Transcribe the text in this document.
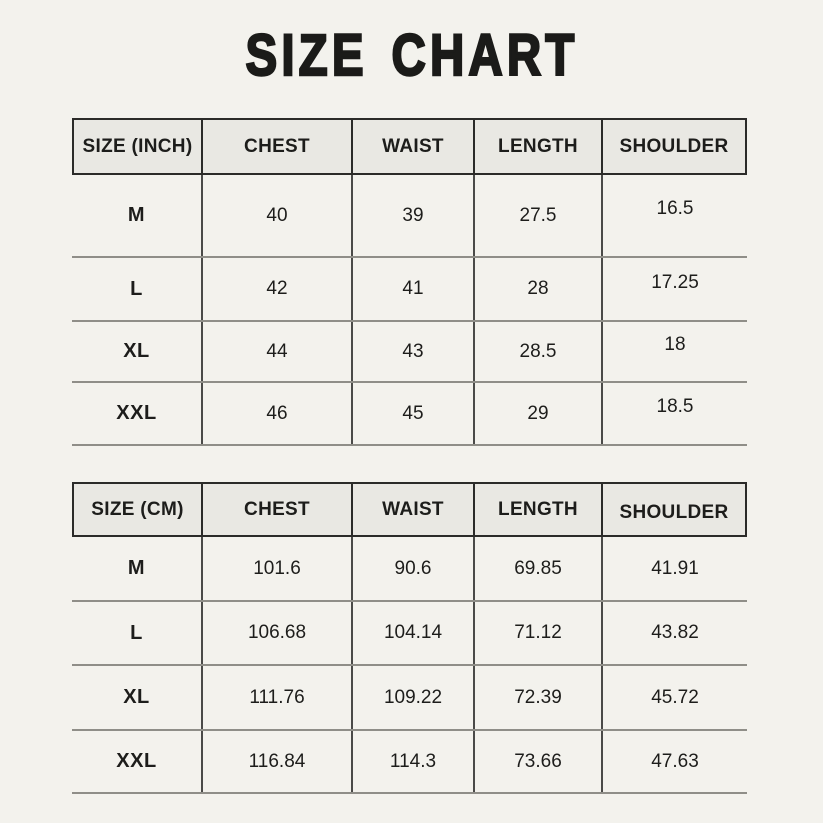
SIZE CHART
SIZE (INCH)	CHEST	WAIST	LENGTH	SHOULDER
M	40	39	27.5	16.5
L	42	41	28	17.25
XL	44	43	28.5	18
XXL	46	45	29	18.5
SIZE (CM)	CHEST	WAIST	LENGTH	SHOULDER
M	101.6	90.6	69.85	41.91
L	106.68	104.14	71.12	43.82
XL	111.76	109.22	72.39	45.72
XXL	116.84	114.3	73.66	47.63
